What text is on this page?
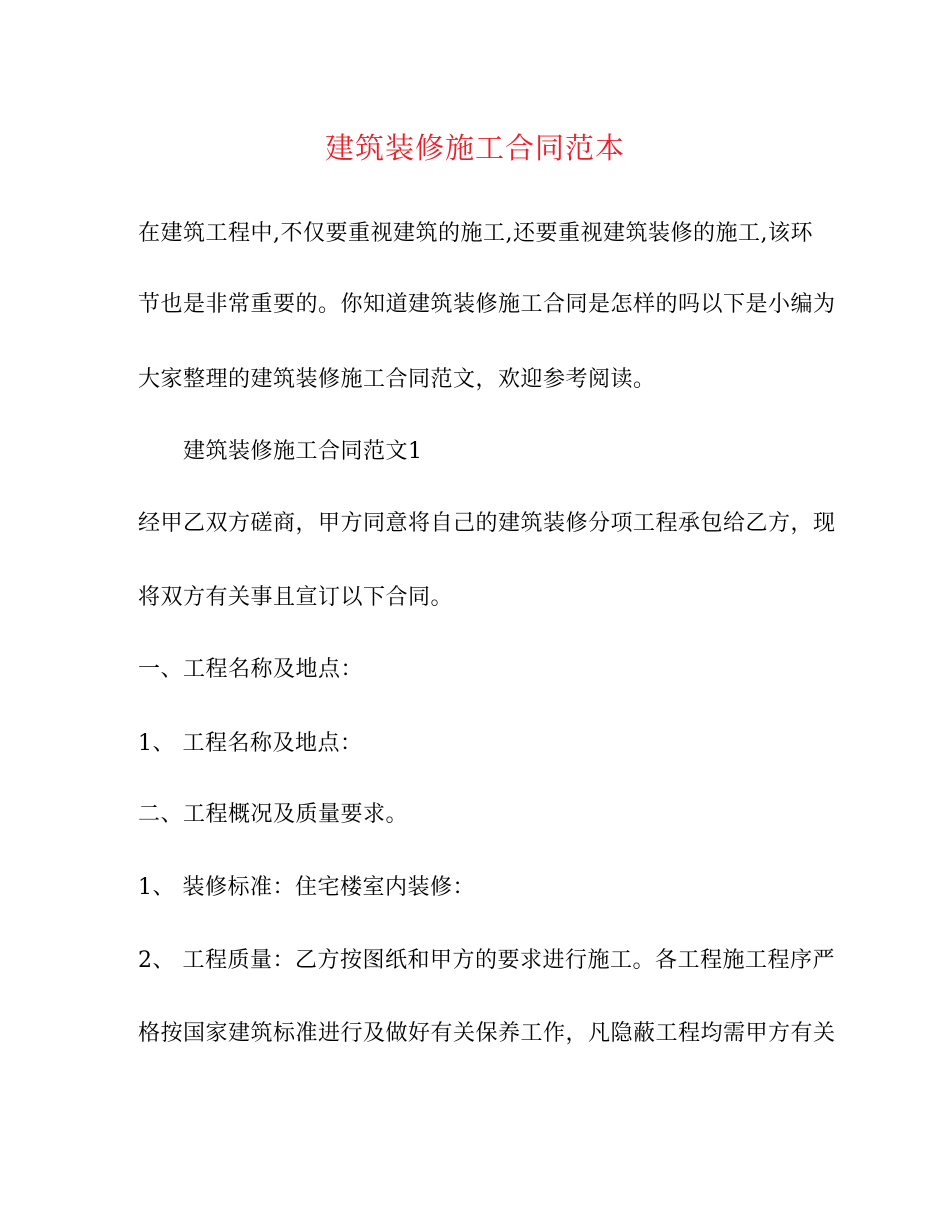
建筑装修施工合同范本
在建筑工程中,不仅要重视建筑的施工,还要重视建筑装修的施工,该环
节也是非常重要的。你知道建筑装修施工合同是怎样的吗以下是小编为
大家整理的建筑装修施工合同范文，欢迎参考阅读。
建筑装修施工合同范文1
经甲乙双方磋商，甲方同意将自己的建筑装修分项工程承包给乙方，现
将双方有关事且宣订以下合同。
一、工程名称及地点：
1、 工程名称及地点：
二、工程概况及质量要求。
1、 装修标准：住宅楼室内装修：
2、 工程质量：乙方按图纸和甲方的要求进行施工。各工程施工程序严
格按国家建筑标准进行及做好有关保养工作，凡隐蔽工程均需甲方有关
